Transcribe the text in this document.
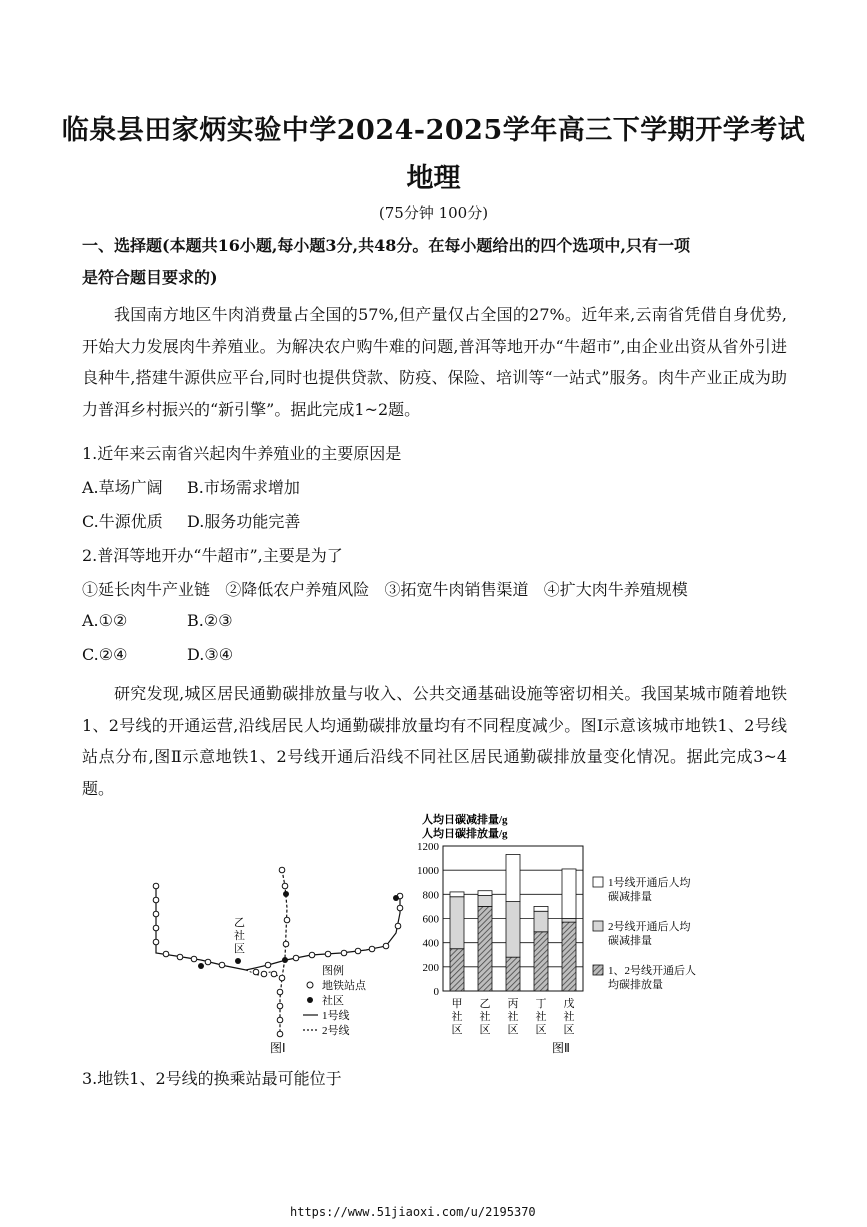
临泉县田家炳实验中学2024-2025学年高三下学期开学考试
地理
(75分钟 100分)
一、选择题(本题共16小题,每小题3分,共48分。在每小题给出的四个选项中,只有一项
是符合题目要求的)
我国南方地区牛肉消费量占全国的57%,但产量仅占全国的27%。近年来,云南省凭借自身优势,开始大力发展肉牛养殖业。为解决农户购牛难的问题,普洱等地开办“牛超市”,由企业出资从省外引进良种牛,搭建牛源供应平台,同时也提供贷款、防疫、保险、培训等“一站式”服务。肉牛产业正成为助力普洱乡村振兴的“新引擎”。据此完成1~2题。
1.近年来云南省兴起肉牛养殖业的主要原因是
A.草场广阔 B.市场需求增加
C.牛源优质 D.服务功能完善
2.普洱等地开办“牛超市”,主要是为了
①延长肉牛产业链   ②降低农户养殖风险   ③拓宽牛肉销售渠道   ④扩大肉牛养殖规模
A.①②	B.②③
C.②④	D.③④
研究发现,城区居民通勤碳排放量与收入、公共交通基础设施等密切相关。我国某城市随着地铁1、2号线的开通运营,沿线居民人均通勤碳排放量均有不同程度减少。图Ⅰ示意该城市地铁1、2号线站点分布,图Ⅱ示意地铁1、2号线开通后沿线不同社区居民通勤碳排放量变化情况。据此完成3~4题。
乙
社
区
图例
地铁站点
社区
1号线
2号线
图Ⅰ
人均日碳减排量/g
人均日碳排放量/g
0
200
400
600
800
1000
1200
甲
社
区
乙
社
区
丙
社
区
丁
社
区
戊
社
区
1号线开通后人均
碳减排量
2号线开通后人均
碳减排量
1、2号线开通后人
均碳排放量
图Ⅱ
3.地铁1、2号线的换乘站最可能位于
https://www.51jiaoxi.com/u/2195370
